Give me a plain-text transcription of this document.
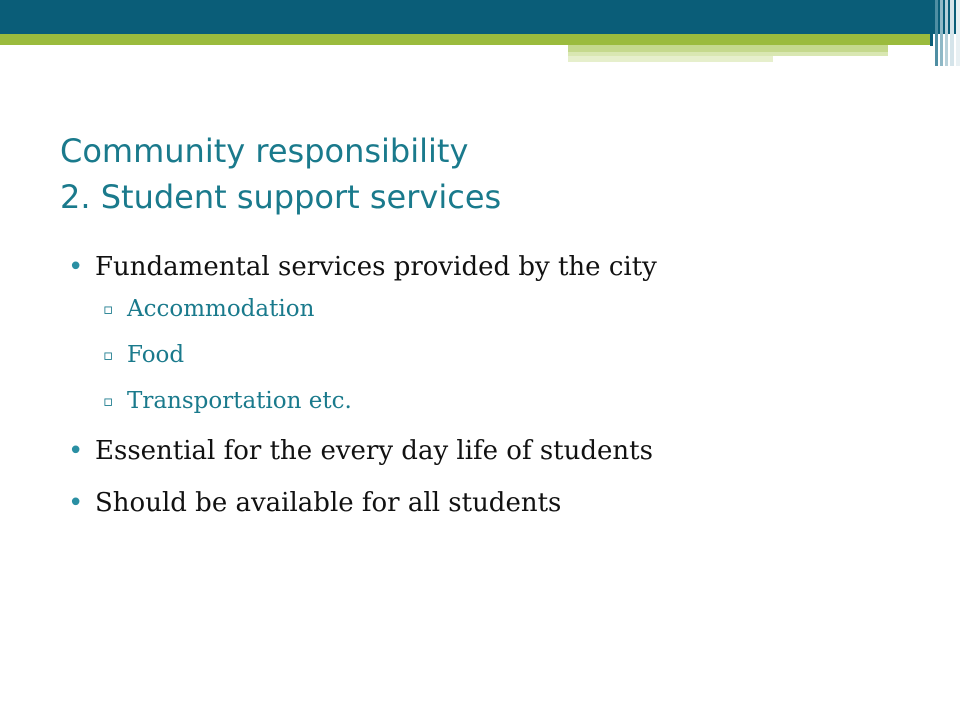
Community responsibility
2. Student support services
• Fundamental services provided by the city
▫ Accommodation
▫ Food
▫ Transportation etc.
• Essential for the every day life of students
• Should be available for all students
